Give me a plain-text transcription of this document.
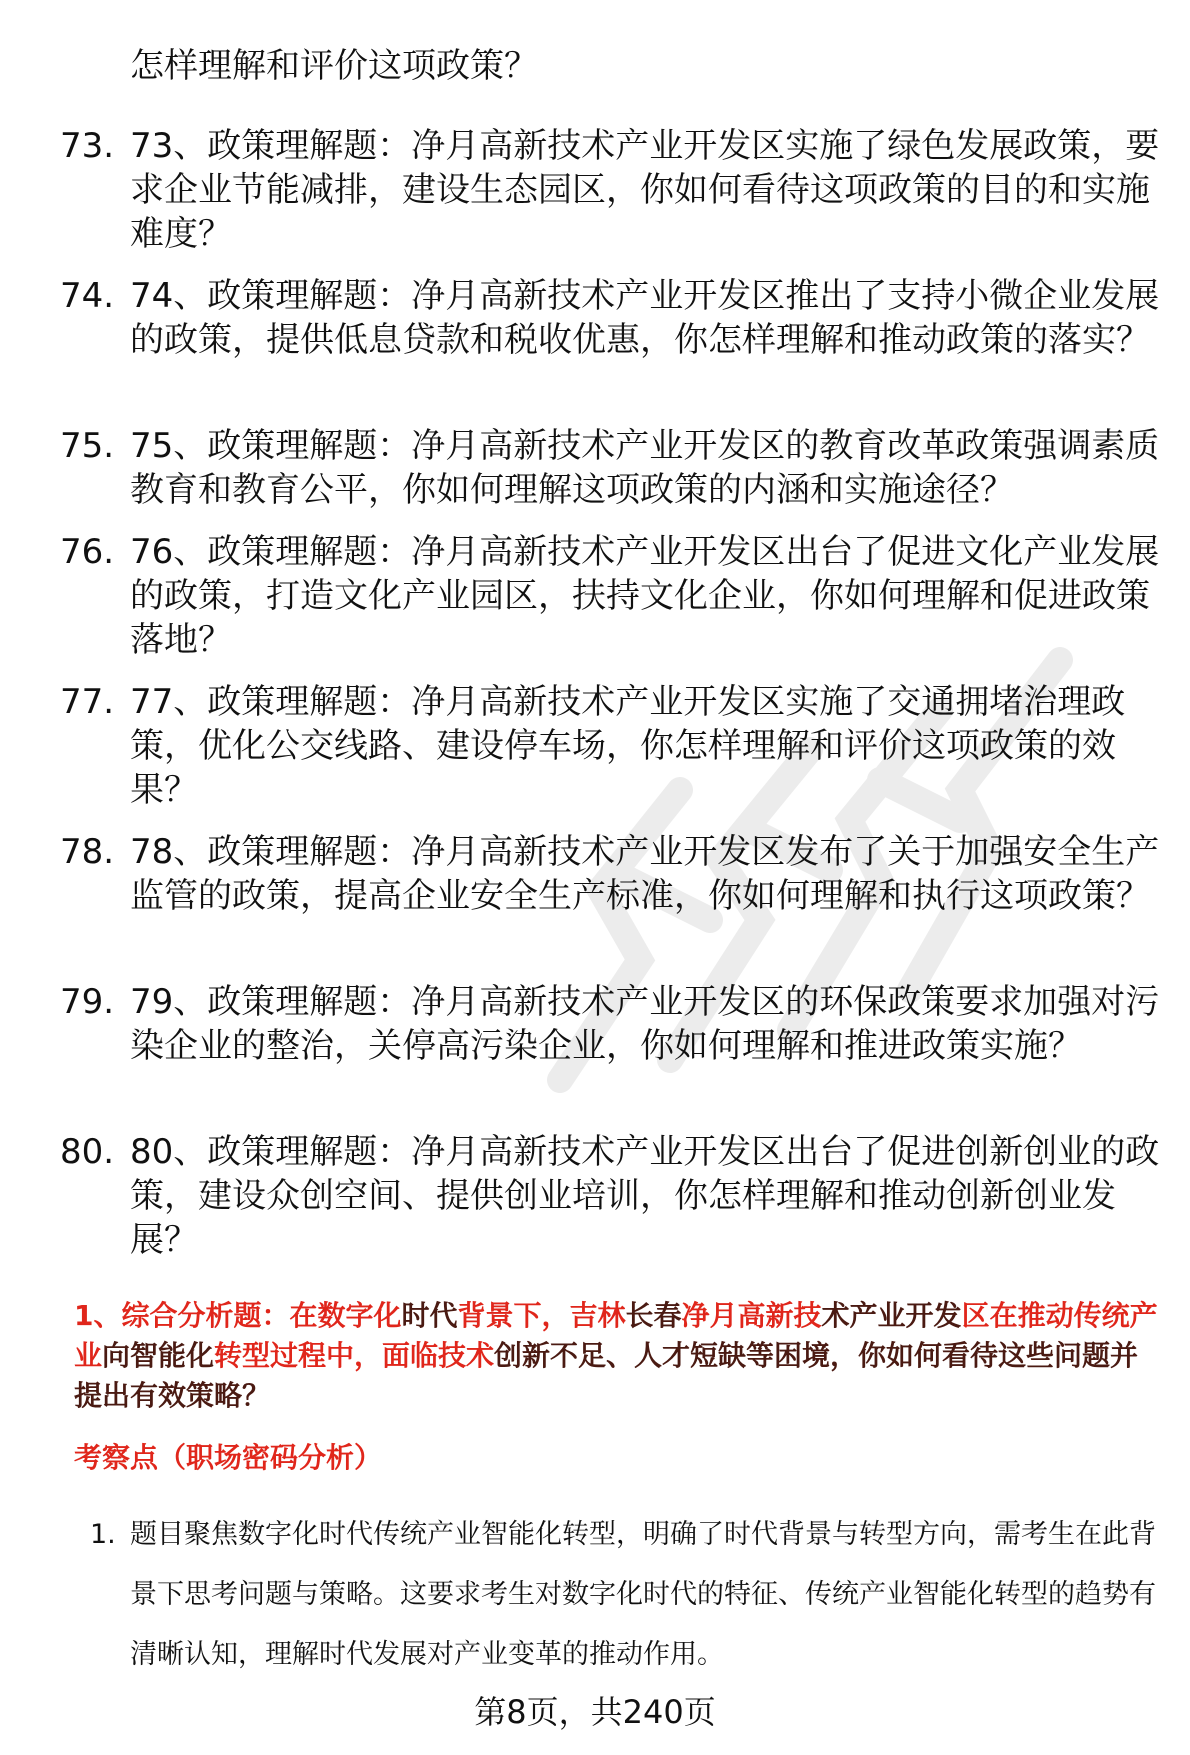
怎样理解和评价这项政策？
73. 73、政策理解题：净月高新技术产业开发区实施了绿色发展政策，要求企业节能减排，建设生态园区，你如何看待这项政策的目的和实施难度？
74. 74、政策理解题：净月高新技术产业开发区推出了支持小微企业发展的政策，提供低息贷款和税收优惠，你怎样理解和推动政策的落实？
75. 75、政策理解题：净月高新技术产业开发区的教育改革政策强调素质教育和教育公平，你如何理解这项政策的内涵和实施途径？
76. 76、政策理解题：净月高新技术产业开发区出台了促进文化产业发展的政策，打造文化产业园区，扶持文化企业，你如何理解和促进政策落地？
77. 77、政策理解题：净月高新技术产业开发区实施了交通拥堵治理政策，优化公交线路、建设停车场，你怎样理解和评价这项政策的效果？
78. 78、政策理解题：净月高新技术产业开发区发布了关于加强安全生产监管的政策，提高企业安全生产标准，你如何理解和执行这项政策？
79. 79、政策理解题：净月高新技术产业开发区的环保政策要求加强对污染企业的整治，关停高污染企业，你如何理解和推进政策实施？
80. 80、政策理解题：净月高新技术产业开发区出台了促进创新创业的政策，建设众创空间、提供创业培训，你怎样理解和推动创新创业发展？
1、综合分析题：在数字化时代背景下，吉林长春净月高新技术产业开发区在推动传统产业向智能化转型过程中，面临技术创新不足、人才短缺等困境，你如何看待这些问题并提出有效策略？
考察点（职场密码分析）
1. 题目聚焦数字化时代传统产业智能化转型，明确了时代背景与转型方向，需考生在此背景下思考问题与策略。这要求考生对数字化时代的特征、传统产业智能化转型的趋势有清晰认知，理解时代发展对产业变革的推动作用。
第8页，共240页
